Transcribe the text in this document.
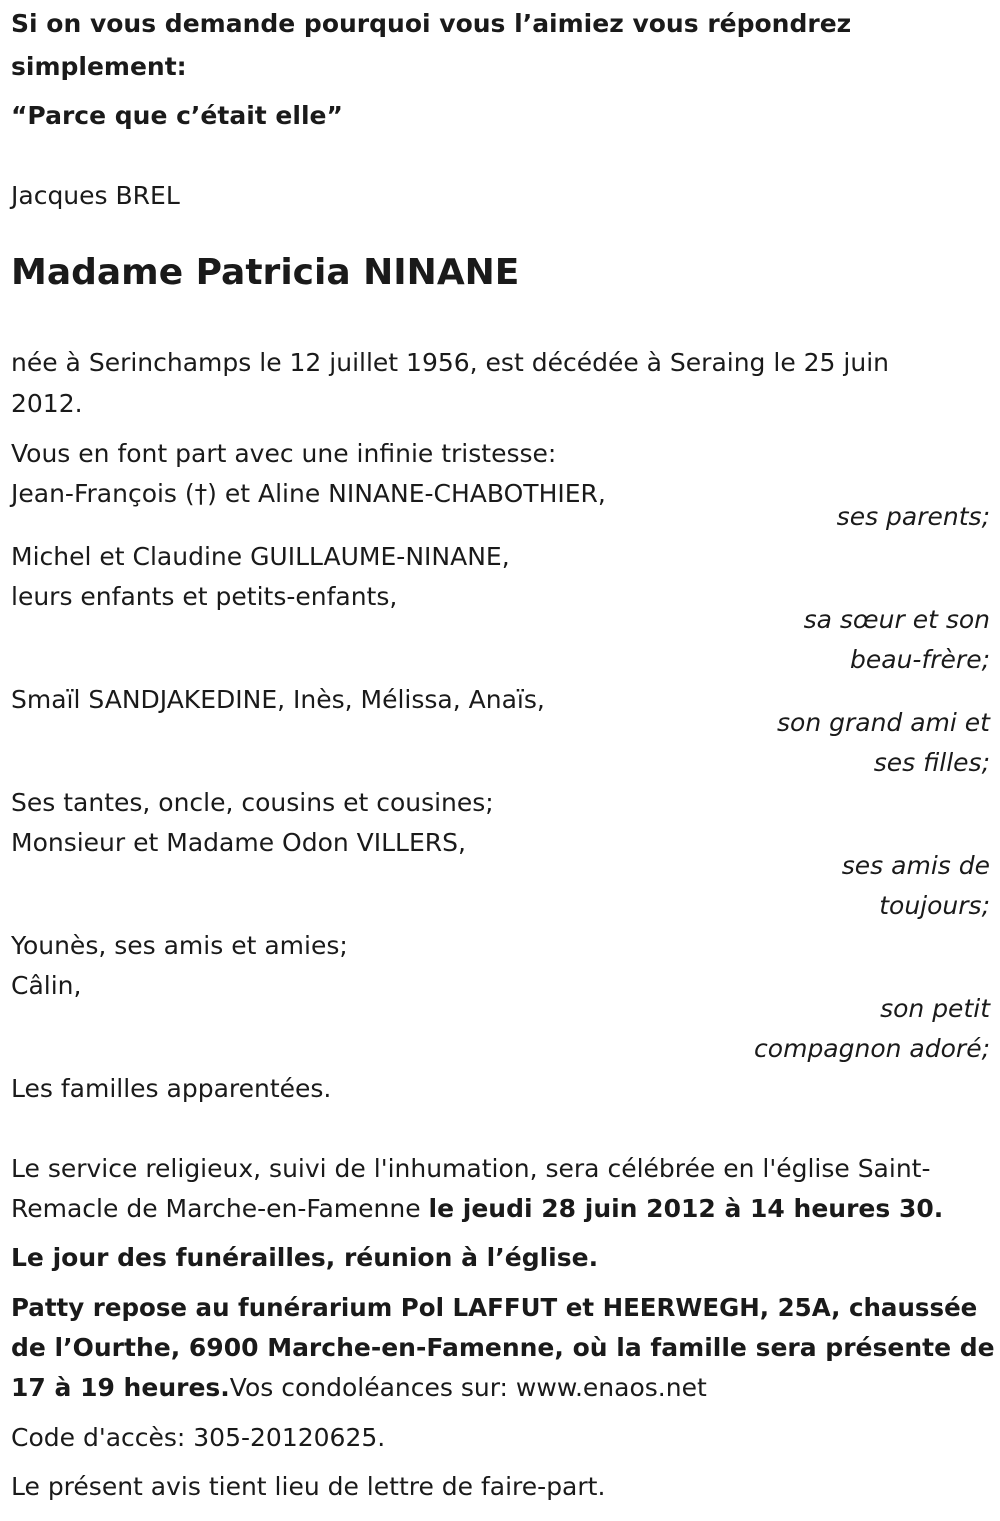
Si on vous demande pourquoi vous l’aimiez vous répondrez
simplement:
“Parce que c’était elle”
Jacques BREL
Madame Patricia NINANE
née à Serinchamps le 12 juillet 1956, est décédée à Seraing le 25 juin
2012.
Vous en font part avec une infinie tristesse:
Jean-François (†) et Aline NINANE-CHABOTHIER,
ses parents;
Michel et Claudine GUILLAUME-NINANE,
leurs enfants et petits-enfants,
sa sœur et son
beau-frère;
Smaïl SANDJAKEDINE, Inès, Mélissa, Anaïs,
son grand ami et
ses filles;
Ses tantes, oncle, cousins et cousines;
Monsieur et Madame Odon VILLERS,
ses amis de
toujours;
Younès, ses amis et amies;
Câlin,
son petit
compagnon adoré;
Les familles apparentées.
Le service religieux, suivi de l'inhumation, sera célébrée en l'église Saint-
Remacle de Marche-en-Famenne le jeudi 28 juin 2012 à 14 heures 30.
Le jour des funérailles, réunion à l’église.
Patty repose au funérarium Pol LAFFUT et HEERWEGH, 25A, chaussée
de l’Ourthe, 6900 Marche-en-Famenne, où la famille sera présente de
17 à 19 heures.Vos condoléances sur: www.enaos.net
Code d'accès: 305-20120625.
Le présent avis tient lieu de lettre de faire-part.
